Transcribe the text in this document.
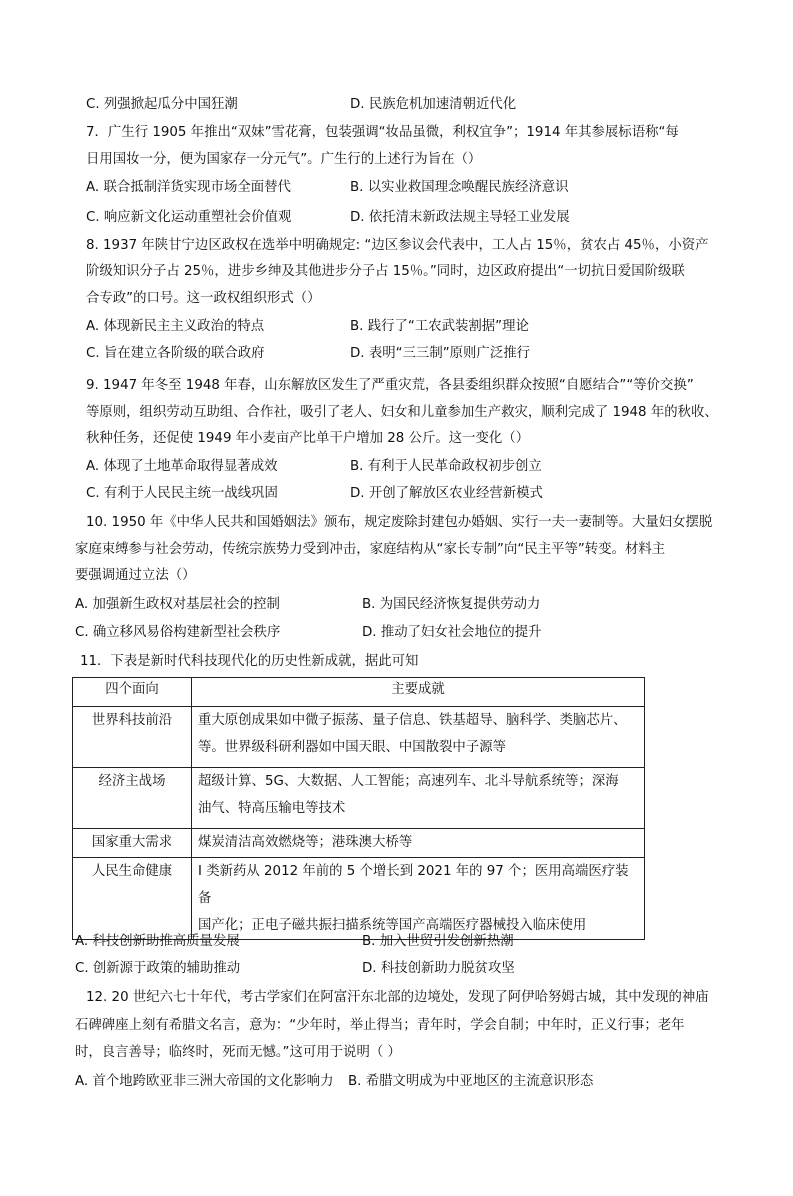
C. 列强掀起瓜分中国狂潮	D. 民族危机加速清朝近代化
7．广生行 1905 年推出“双妹”雪花膏，包装强调“妆品虽微，利权宜争”；1914 年其参展标语称“每
日用国妆一分，便为国家存一分元气”。广生行的上述行为旨在（）
A. 联合抵制洋货实现市场全面替代	B. 以实业救国理念唤醒民族经济意识
C. 响应新文化运动重塑社会价值观	D. 依托清末新政法规主导轻工业发展
8. 1937 年陕甘宁边区政权在选举中明确规定: “边区参议会代表中，工人占 15％，贫农占 45％，小资产
阶级知识分子占 25％，进步乡绅及其他进步分子占 15％。”同时，边区政府提出“一切抗日爱国阶级联
合专政”的口号。这一政权组织形式（）
A. 体现新民主主义政治的特点	B. 践行了“工农武装割据”理论
C. 旨在建立各阶级的联合政府	D. 表明“三三制”原则广泛推行
9. 1947 年冬至 1948 年春，山东解放区发生了严重灾荒，各县委组织群众按照“自愿结合”“等价交换”
等原则，组织劳动互助组、合作社，吸引了老人、妇女和儿童参加生产救灾，顺利完成了 1948 年的秋收、
秋种任务，还促使 1949 年小麦亩产比单干户增加 28 公斤。这一变化（）
A. 体现了土地革命取得显著成效	B. 有利于人民革命政权初步创立
C. 有利于人民民主统一战线巩固	D. 开创了解放区农业经营新模式
10. 1950 年《中华人民共和国婚姻法》颁布，规定废除封建包办婚姻、实行一夫一妻制等。大量妇女摆脱
家庭束缚参与社会劳动，传统宗族势力受到冲击，家庭结构从“家长专制”向“民主平等”转变。材料主
要强调通过立法（）
A. 加强新生政权对基层社会的控制	B. 为国民经济恢复提供劳动力
C. 确立移风易俗构建新型社会秩序	D. 推动了妇女社会地位的提升
11．下表是新时代科技现代化的历史性新成就，据此可知
四个面向	主要成就
世界科技前沿	重大原创成果如中微子振荡、量子信息、铁基超导、脑科学、类脑芯片、
等。世界级科研利器如中国天眼、中国散裂中子源等

经济主战场	超级计算、5G、大数据、人工智能；高速列车、北斗导航系统等；深海
油气、特高压输电等技术

国家重大需求	煤炭清洁高效燃烧等；港珠澳大桥等

人民生命健康	I 类新药从 2012 年前的 5 个增长到 2021 年的 97 个；医用高端医疗装备
国产化；正电子磁共振扫描系统等国产高端医疗器械投入临床使用
A. 科技创新助推高质量发展	B. 加入世贸引发创新热潮
C. 创新源于政策的辅助推动	D. 科技创新助力脱贫攻坚
12. 20 世纪六七十年代，考古学家们在阿富汗东北部的边境处，发现了阿伊哈努姆古城，其中发现的神庙
石碑碑座上刻有希腊文名言，意为：“少年时，举止得当；青年时，学会自制；中年时，正义行事；老年
时，良言善导；临终时，死而无憾。”这可用于说明（ ）
A. 首个地跨欧亚非三洲大帝国的文化影响力 B. 希腊文明成为中亚地区的主流意识形态
